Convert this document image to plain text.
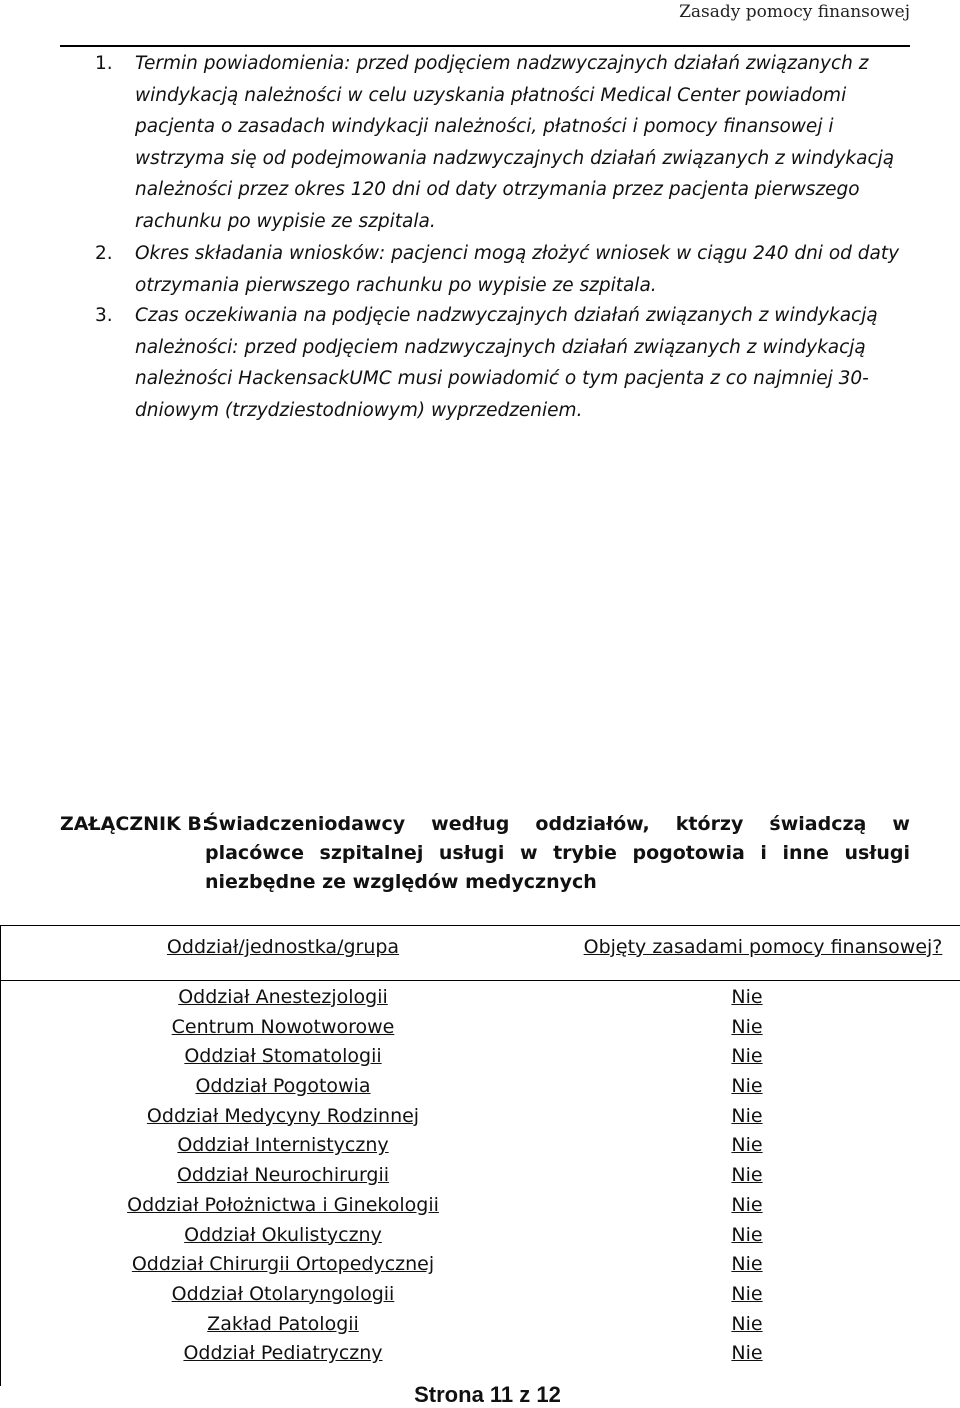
Zasady pomocy finansowej
1. Termin powiadomienia: przed podjęciem nadzwyczajnych działań związanych z windykacją należności w celu uzyskania płatności Medical Center powiadomi pacjenta o zasadach windykacji należności, płatności i pomocy finansowej i wstrzyma się od podejmowania nadzwyczajnych działań związanych z windykacją należności przez okres 120 dni od daty otrzymania przez pacjenta pierwszego rachunku po wypisie ze szpitala.
2. Okres składania wniosków: pacjenci mogą złożyć wniosek w ciągu 240 dni od daty otrzymania pierwszego rachunku po wypisie ze szpitala.
3. Czas oczekiwania na podjęcie nadzwyczajnych działań związanych z windykacją należności: przed podjęciem nadzwyczajnych działań związanych z windykacją należności HackensackUMC musi powiadomić o tym pacjenta z co najmniej 30-dniowym (trzydziestodniowym) wyprzedzeniem.
ZAŁĄCZNIK B:
Świadczeniodawcy według oddziałów, którzy świadczą w placówce szpitalnej usługi w trybie pogotowia i inne usługi niezbędne ze względów medycznych
Oddział/jednostka/grupa	Objęty zasadami pomocy finansowej?
Oddział Anestezjologii	Nie
Centrum Nowotworowe	Nie
Oddział Stomatologii	Nie
Oddział Pogotowia	Nie
Oddział Medycyny Rodzinnej	Nie
Oddział Internistyczny	Nie
Oddział Neurochirurgii	Nie
Oddział Położnictwa i Ginekologii	Nie
Oddział Okulistyczny	Nie
Oddział Chirurgii Ortopedycznej	Nie
Oddział Otolaryngologii	Nie
Zakład Patologii	Nie
Oddział Pediatryczny	Nie
Strona 11 z 12
